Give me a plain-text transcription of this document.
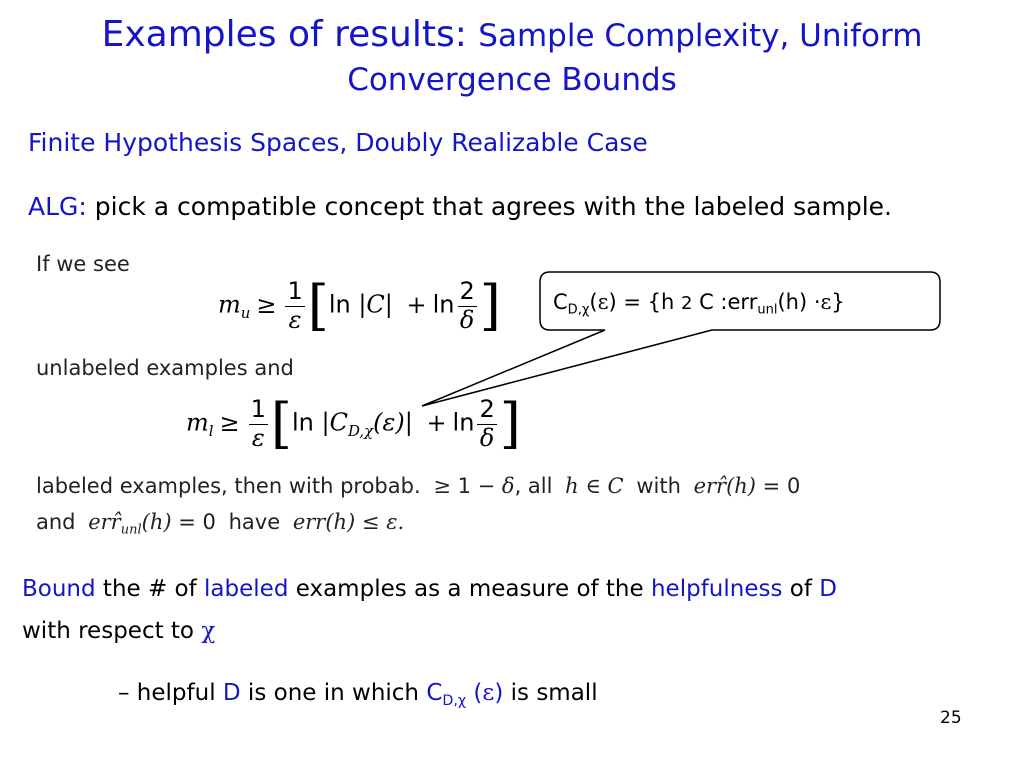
Examples of results: Sample Complexity, Uniform
Convergence Bounds
Finite Hypothesis Spaces, Doubly Realizable Case
ALG: pick a compatible concept that agrees with the labeled sample.
If we see
$m_u \ge \frac{1}{\varepsilon} [\ln$ $|C| + \ln \frac{2}{\delta}$ ]
unlabeled examples and
$m_l \ge \frac{1}{\varepsilon} [\ln$ $|C_{D,\chi}(\varepsilon)| + \ln \frac{2}{\delta}$ ]
labeled examples, then with probab. ≥ 1 − δ, all h ∈ C with err̂(h) = 0
and $err̂_{unl}(h) = 0$ have err(h) ≤ ε.
$C_{D,\chi}(\varepsilon) = \{h$ 2 C :err$_{unl}$(h) ·ε}
Bound the # of labeled examples as a measure of the helpfulness of D
with respect to χ
– helpful D is one in which $C_{D,\chi}$ (ε) is small
25
